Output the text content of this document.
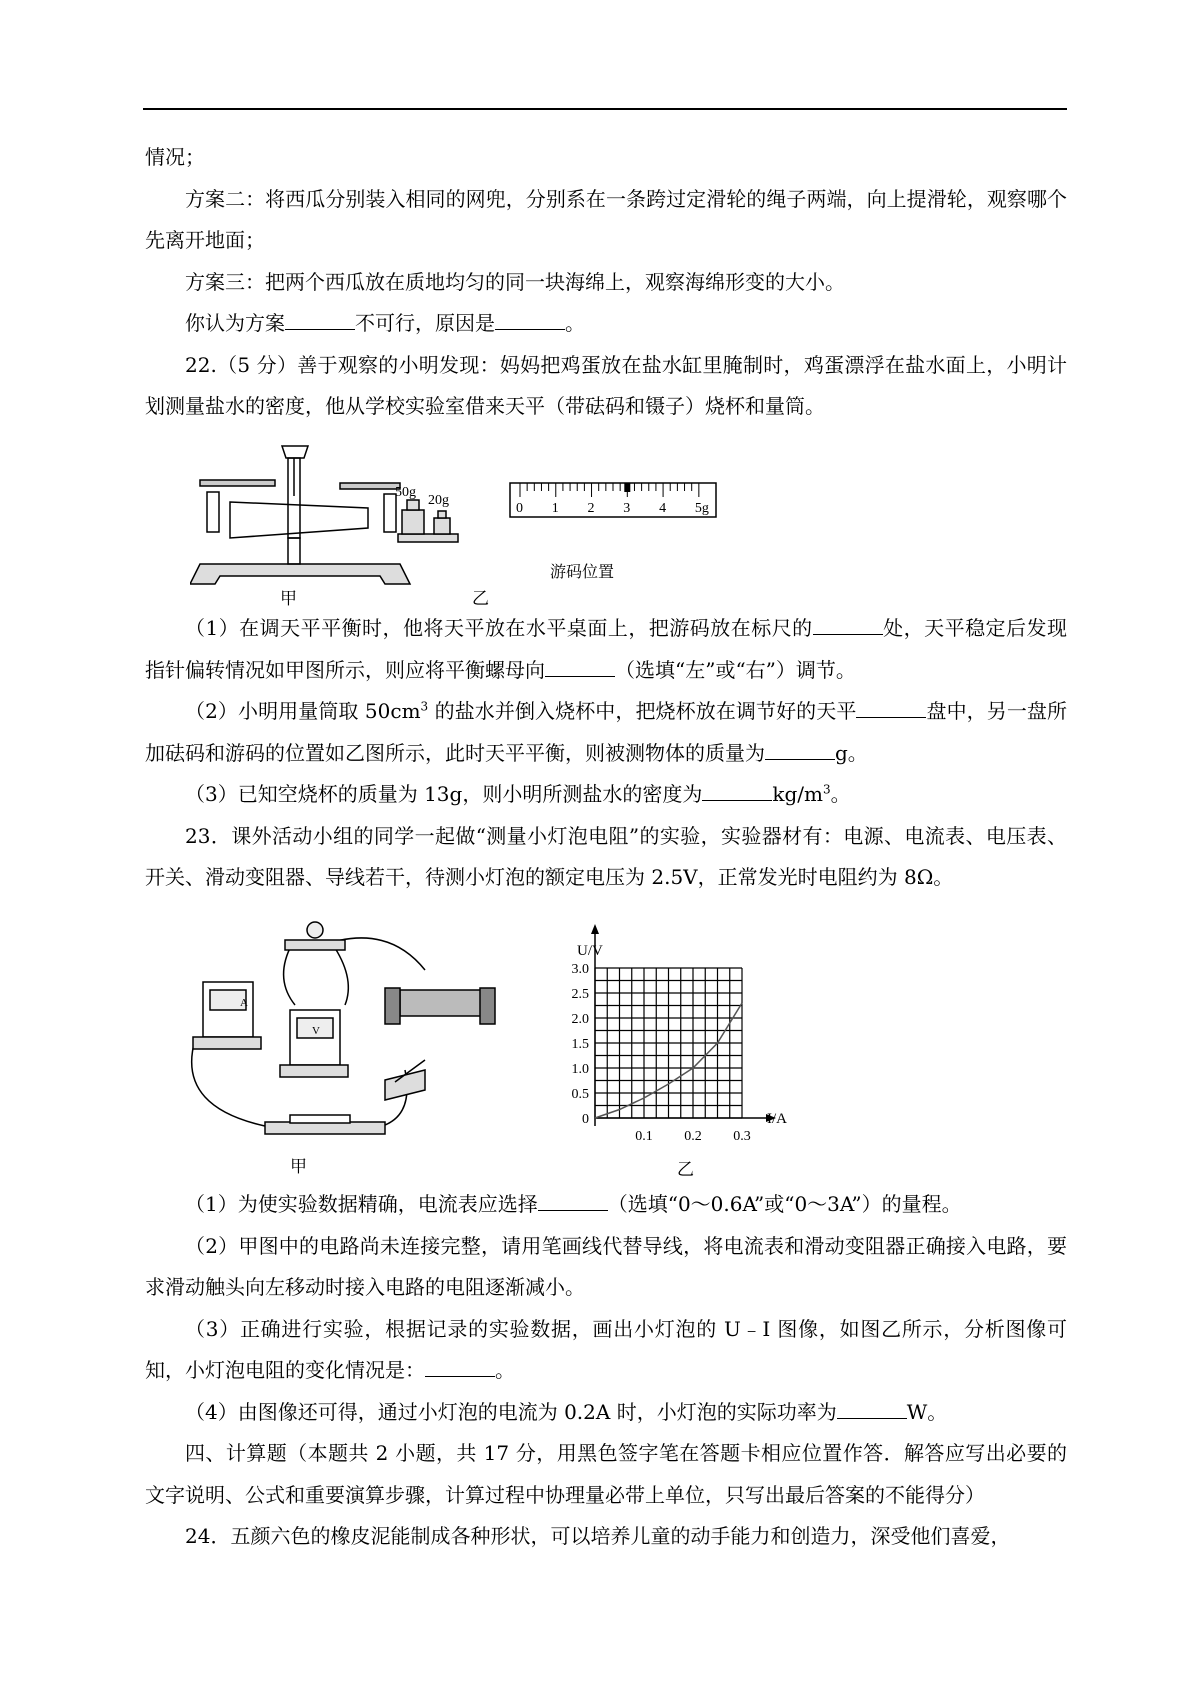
情况；

方案二：将西瓜分别装入相同的网兜，分别系在一条跨过定滑轮的绳子两端，向上提滑轮，观察哪个先离开地面；

方案三：把两个西瓜放在质地均匀的同一块海绵上，观察海绵形变的大小。

你认为方案	不可行，原因是	。

22.（5 分）善于观察的小明发现：妈妈把鸡蛋放在盐水缸里腌制时，鸡蛋漂浮在盐水面上，小明计划测量盐水的密度，他从学校实验室借来天平（带砝码和镊子）烧杯和量筒。

甲
50g
20g
乙
0 1 2 3 4 5g
游码位置

（1）在调天平平衡时，他将天平放在水平桌面上，把游码放在标尺的	处，天平稳定后发现指针偏转情况如甲图所示，则应将平衡螺母向	（选填“左”或“右”）调节。

（2）小明用量筒取 $50cm^3$ 的盐水并倒入烧杯中，把烧杯放在调节好的天平	盘中，另一盘所加砝码和游码的位置如乙图所示，此时天平平衡，则被测物体的质量为	g。

（3）已知空烧杯的质量为 13g，则小明所测盐水的密度为	$kg/m^3$。

23．课外活动小组的同学一起做“测量小灯泡电阻”的实验，实验器材有：电源、电流表、电压表、开关、滑动变阻器、导线若干，待测小灯泡的额定电压为 2.5V，正常发光时电阻约为 8Ω。

A
V
甲
0
0.5
1.0
1.5
2.0
2.5
3.0
0.1 0.2 0.3
U/V
I/A
乙

（1）为使实验数据精确，电流表应选择	（选填“0～0.6A”或“0～3A”）的量程。

（2）甲图中的电路尚未连接完整，请用笔画线代替导线，将电流表和滑动变阻器正确接入电路，要求滑动触头向左移动时接入电路的电阻逐渐减小。

（3）正确进行实验，根据记录的实验数据，画出小灯泡的 U﹣I 图像，如图乙所示，分析图像可知，小灯泡电阻的变化情况是：	。

（4）由图像还可得，通过小灯泡的电流为 0.2A 时，小灯泡的实际功率为	W。

四、计算题（本题共 2 小题，共 17 分，用黑色签字笔在答题卡相应位置作答．解答应写出必要的文字说明、公式和重要演算步骤，计算过程中协理量必带上单位，只写出最后答案的不能得分）

24．五颜六色的橡皮泥能制成各种形状，可以培养儿童的动手能力和创造力，深受他们喜爱，
